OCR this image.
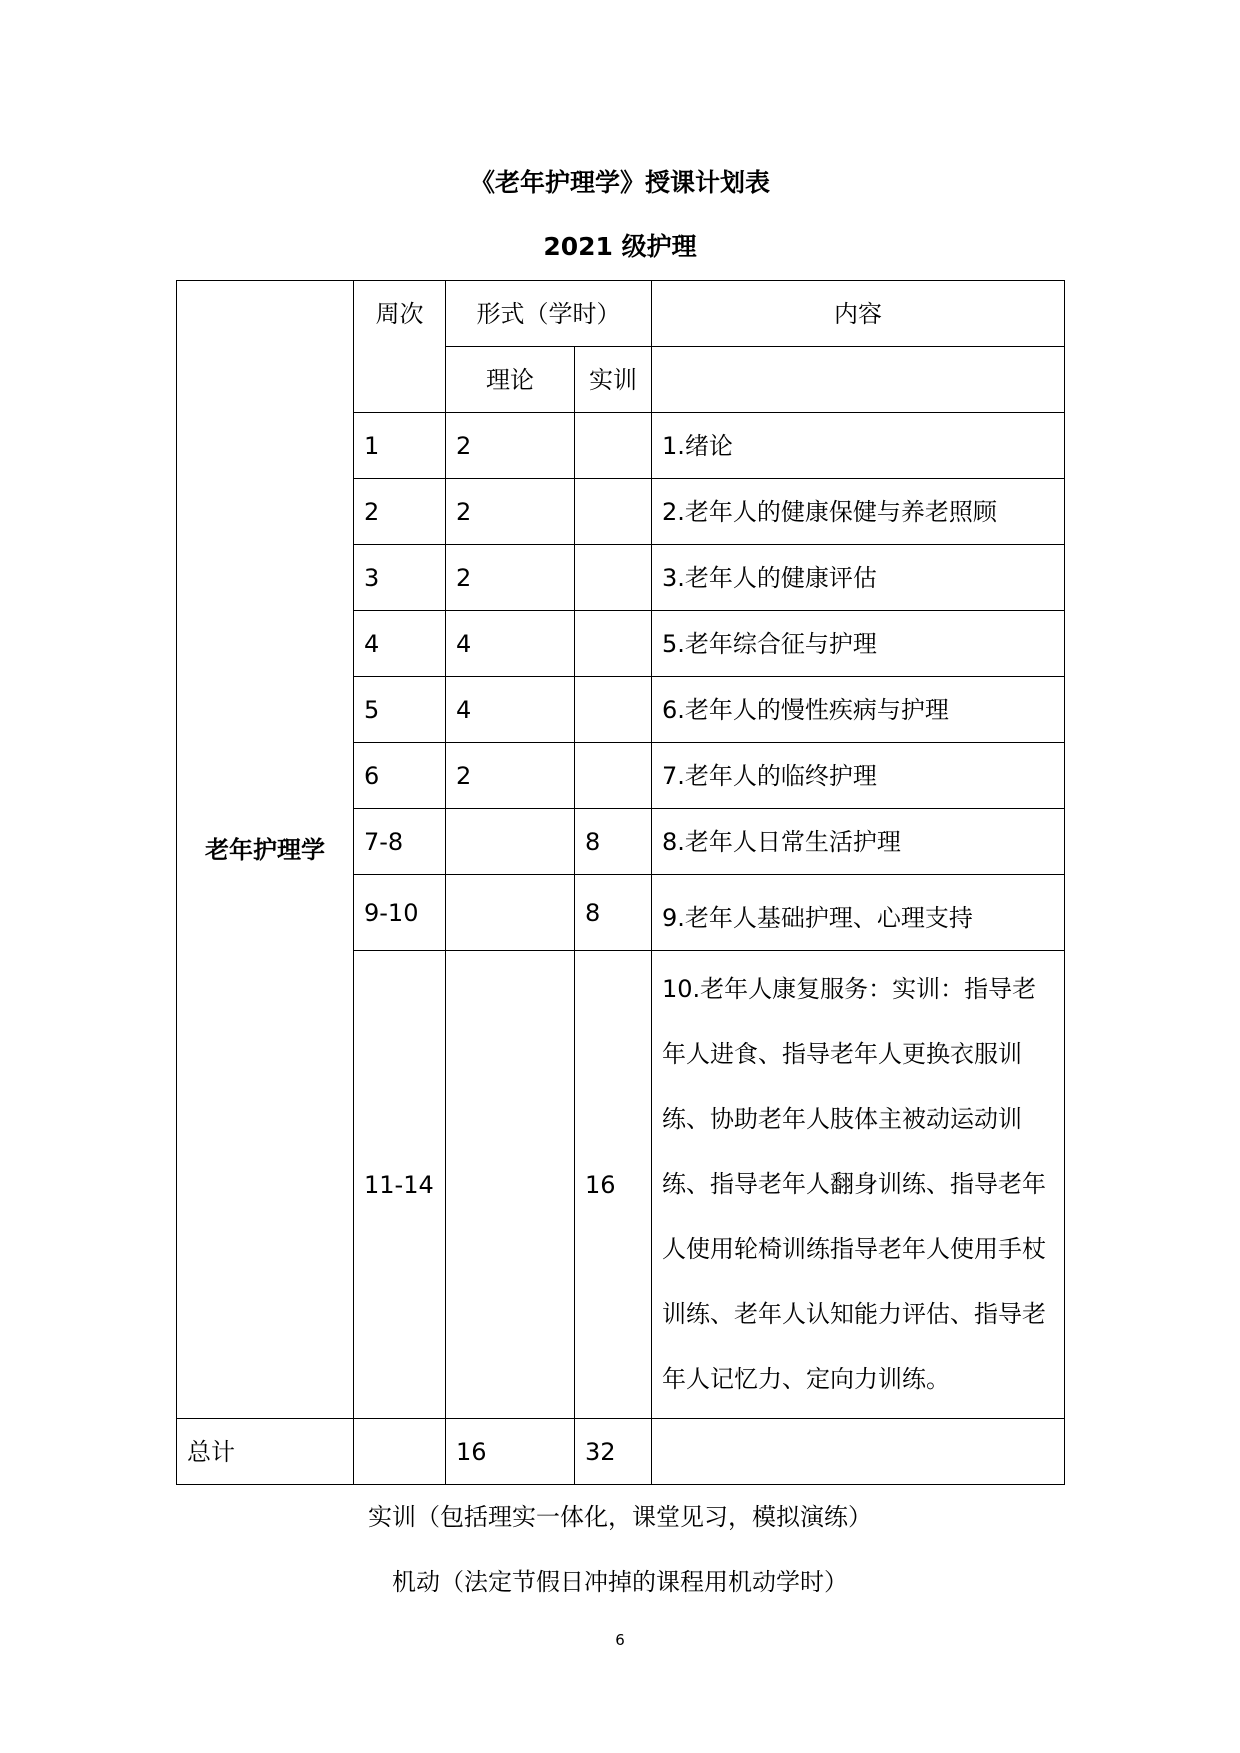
《老年护理学》授课计划表
2021 级护理
老年护理学	周次	形式（学时）		内容
		理论	实训	
	1	2		1.绪论
	2	2		2.老年人的健康保健与养老照顾
	3	2		3.老年人的健康评估
	4	4		5.老年综合征与护理
	5	4		6.老年人的慢性疾病与护理
	6	2		7.老年人的临终护理
	7-8		8	8.老年人日常生活护理
	9-10		8	9.老年人基础护理、心理支持
	11-14		16	10.老年人康复服务：实训：指导老年人进食、指导老年人更换衣服训练、协助老年人肢体主被动运动训练、指导老年人翻身训练、指导老年人使用轮椅训练指导老年人使用手杖训练、老年人认知能力评估、指导老年人记忆力、定向力训练。
总计		16	32	
实训（包括理实一体化，课堂见习，模拟演练）
机动（法定节假日冲掉的课程用机动学时）
6
